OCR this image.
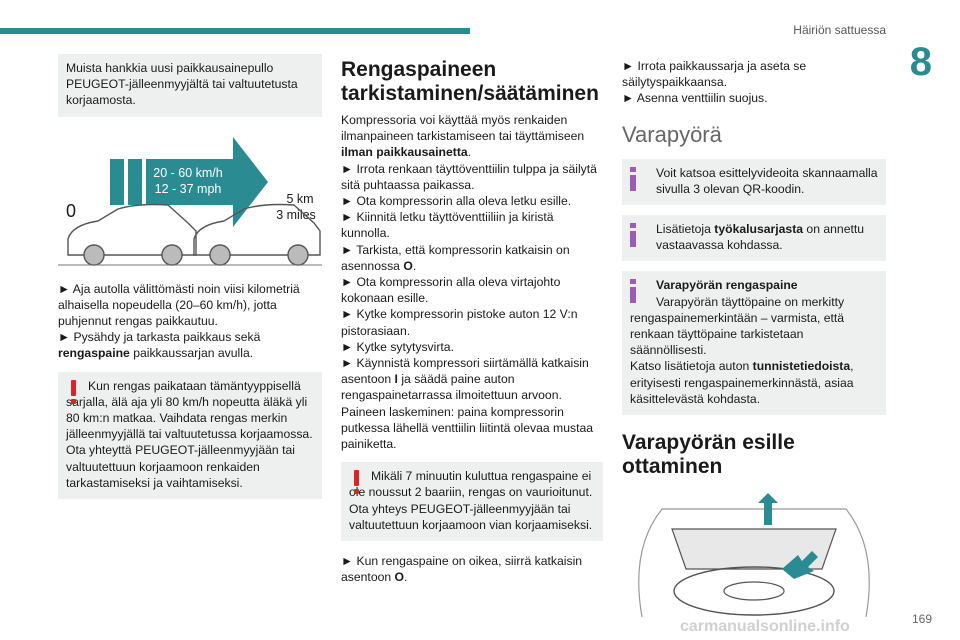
Häiriön sattuessa
8

Muista hankkia uusi paikkausainepullo PEUGEOT-jälleenmyyjältä tai valtuutetusta korjaamosta.

20 - 60 km/h
12 - 37 mph
0
5 km
3 miles

► Aja autolla välittömästi noin viisi kilometriä alhaisella nopeudella (20–60 km/h), jotta puhjennut rengas paikkautuu.

► Pysähdy ja tarkasta paikkaus sekä rengaspaine paikkaussarjan avulla.

Kun rengas paikataan tämäntyyppisellä sarjalla, älä aja yli 80 km/h nopeutta äläkä yli 80 km:n matkaa. Vaihdata rengas merkin jälleenmyyjällä tai valtuutetussa korjaamossa.

Ota yhteyttä PEUGEOT-jälleenmyyjään tai valtuutettuun korjaamoon renkaiden tarkastamiseksi ja vaihtamiseksi.

Rengaspaineen tarkistaminen/säätäminen

Kompressoria voi käyttää myös renkaiden ilmanpaineen tarkistamiseen tai täyttämiseen ilman paikkausainetta.

► Irrota renkaan täyttöventtiilin tulppa ja säilytä sitä puhtaassa paikassa.

► Ota kompressorin alla oleva letku esille.

► Kiinnitä letku täyttöventtiiliin ja kiristä kunnolla.

► Tarkista, että kompressorin katkaisin on asennossa O.

► Ota kompressorin alla oleva virtajohto kokonaan esille.

► Kytke kompressorin pistoke auton 12 V:n pistorasiaan.

► Kytke sytytysvirta.

► Käynnistä kompressori siirtämällä katkaisin asentoon I ja säädä paine auton rengaspainetarrassa ilmoitettuun arvoon. Paineen laskeminen: paina kompressorin putkessa lähellä venttiilin liitintä olevaa mustaa painiketta.

Mikäli 7 minuutin kuluttua rengaspaine ei ole noussut 2 baariin, rengas on vaurioitunut. Ota yhteys PEUGEOT-jälleenmyyjään tai valtuutettuun korjaamoon vian korjaamiseksi.

► Kun rengaspaine on oikea, siirrä katkaisin asentoon O.

► Irrota paikkaussarja ja aseta se säilytyspaikkaansa.

► Asenna venttiilin suojus.

Varapyörä

Voit katsoa esittelyvideoita skannaamalla sivulla 3 olevan QR-koodin.

Lisätietoja työkalusarjasta on annettu vastaavassa kohdassa.

Varapyörän rengaspaine

Varapyörän täyttöpaine on merkitty rengaspainemerkintään – varmista, että renkaan täyttöpaine tarkistetaan säännöllisesti.

Katso lisätietoja auton tunnistetiedoista, erityisesti rengaspainemerkinnästä, asiaa käsittelevästä kohdasta.

Varapyörän esille ottaminen
169
carmanualsonline.info
